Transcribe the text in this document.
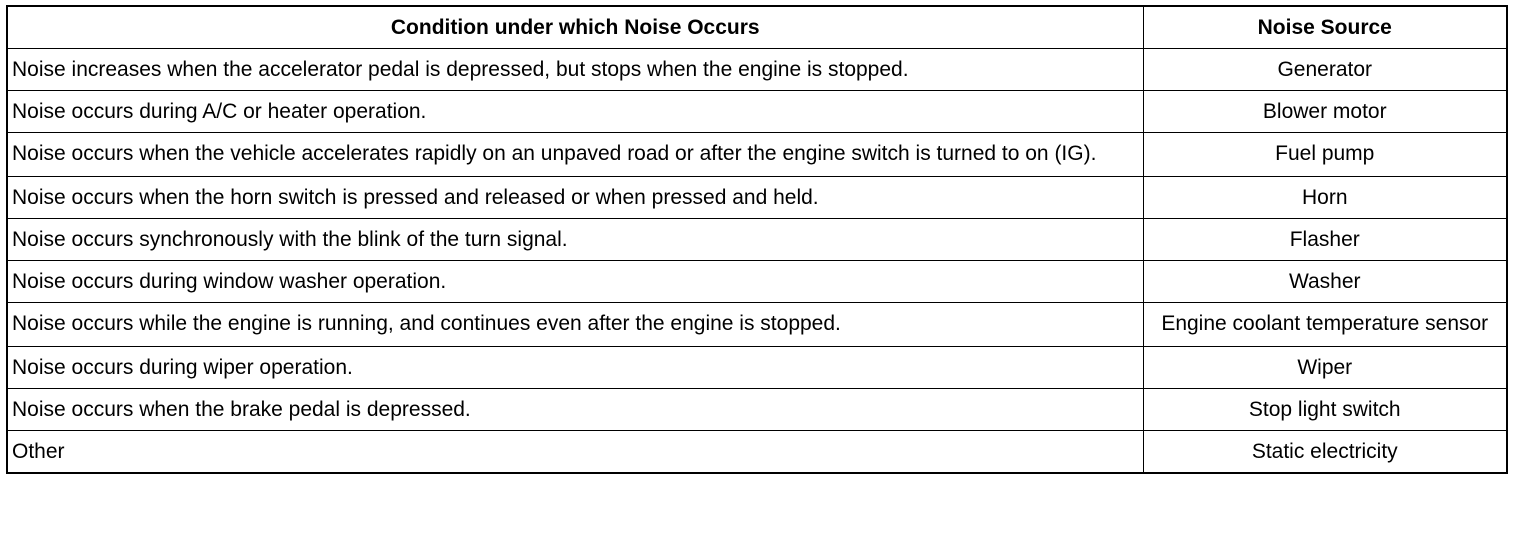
Condition under which Noise Occurs	Noise Source
Noise increases when the accelerator pedal is depressed, but stops when the engine is stopped.	Generator
Noise occurs during A/C or heater operation.	Blower motor
Noise occurs when the vehicle accelerates rapidly on an unpaved road or after the engine switch is turned to on (IG).	Fuel pump
Noise occurs when the horn switch is pressed and released or when pressed and held.	Horn
Noise occurs synchronously with the blink of the turn signal.	Flasher
Noise occurs during window washer operation.	Washer
Noise occurs while the engine is running, and continues even after the engine is stopped.	Engine coolant temperature sensor
Noise occurs during wiper operation.	Wiper
Noise occurs when the brake pedal is depressed.	Stop light switch
Other	Static electricity
